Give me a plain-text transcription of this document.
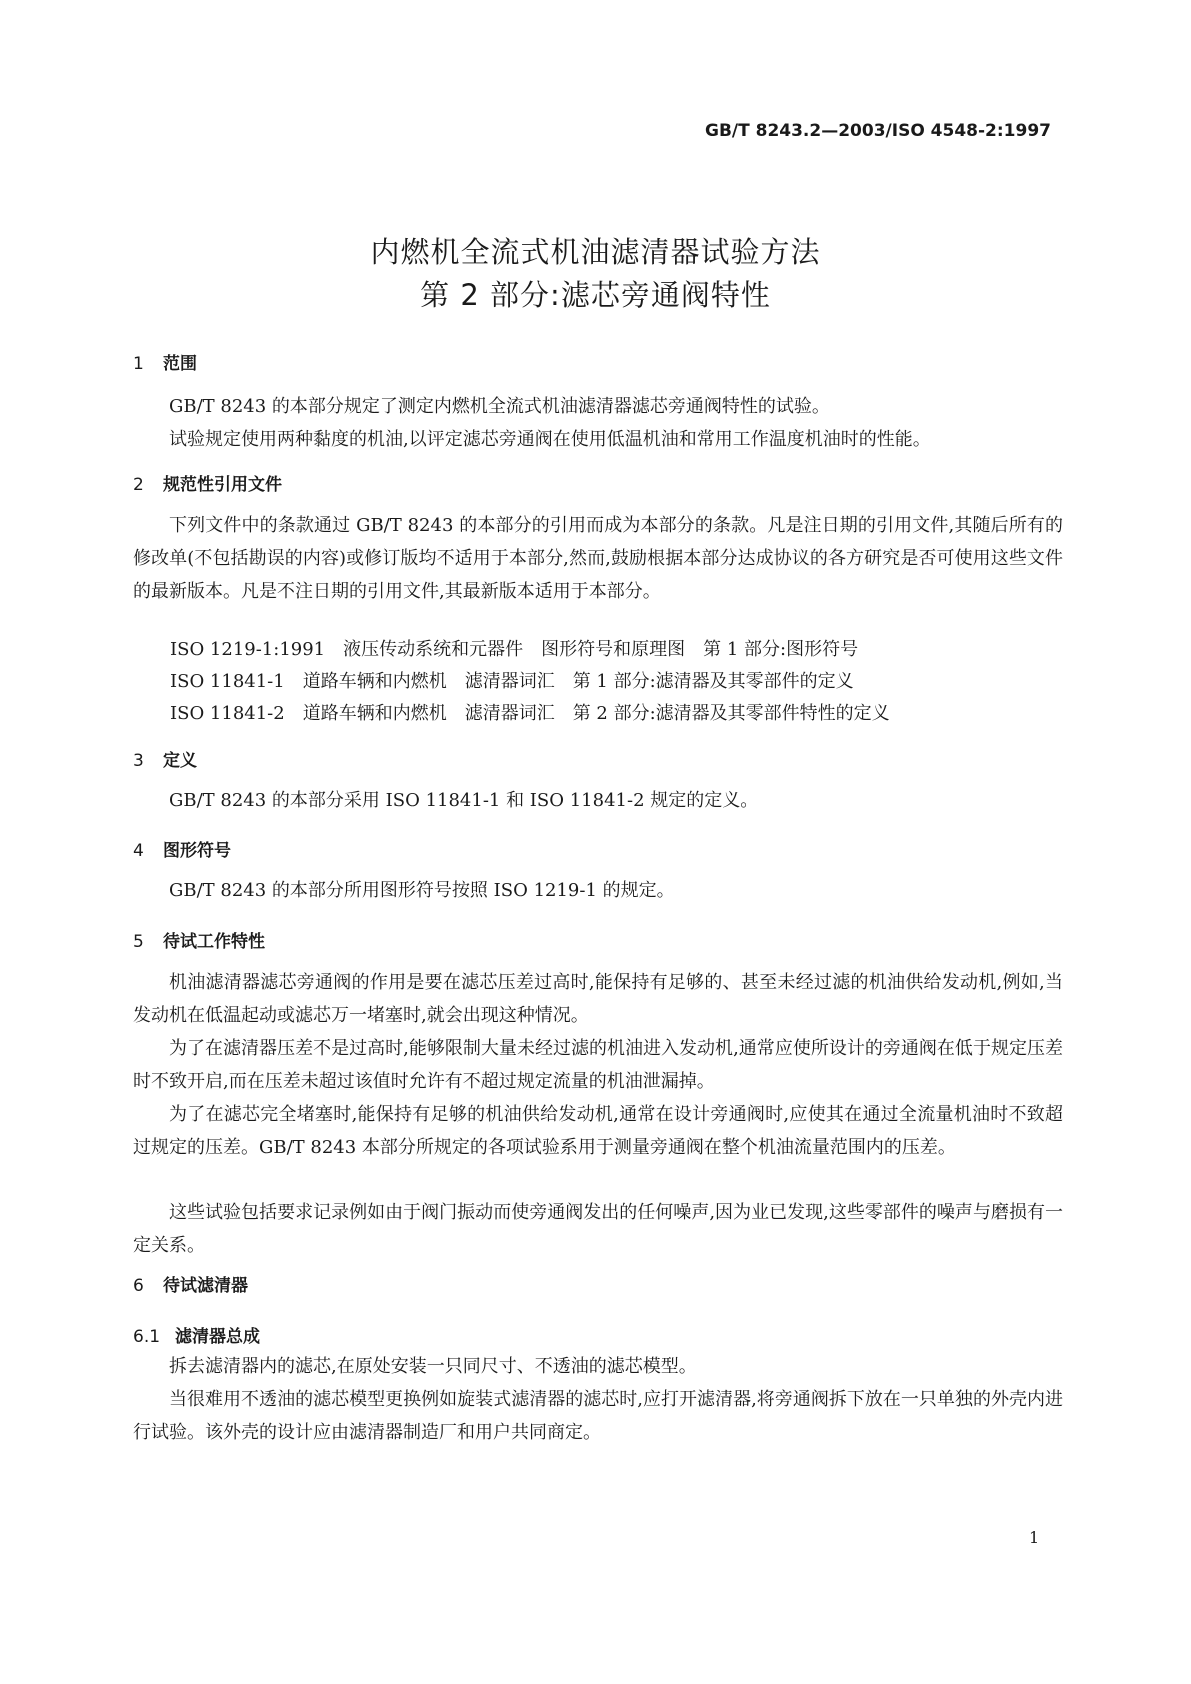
GB/T 8243.2—2003/ISO 4548-2:1997
内燃机全流式机油滤清器试验方法
第 2 部分:滤芯旁通阀特性
1 范围
GB/T 8243 的本部分规定了测定内燃机全流式机油滤清器滤芯旁通阀特性的试验。
试验规定使用两种黏度的机油,以评定滤芯旁通阀在使用低温机油和常用工作温度机油时的性能。
2 规范性引用文件
下列文件中的条款通过 GB/T 8243 的本部分的引用而成为本部分的条款。凡是注日期的引用文件,其随后所有的修改单(不包括勘误的内容)或修订版均不适用于本部分,然而,鼓励根据本部分达成协议的各方研究是否可使用这些文件的最新版本。凡是不注日期的引用文件,其最新版本适用于本部分。
ISO 1219-1:1991　液压传动系统和元器件　图形符号和原理图　第 1 部分:图形符号
ISO 11841-1　道路车辆和内燃机　滤清器词汇　第 1 部分:滤清器及其零部件的定义
ISO 11841-2　道路车辆和内燃机　滤清器词汇　第 2 部分:滤清器及其零部件特性的定义
3 定义
GB/T 8243 的本部分采用 ISO 11841-1 和 ISO 11841-2 规定的定义。
4 图形符号
GB/T 8243 的本部分所用图形符号按照 ISO 1219-1 的规定。
5 待试工作特性
机油滤清器滤芯旁通阀的作用是要在滤芯压差过高时,能保持有足够的、甚至未经过滤的机油供给发动机,例如,当发动机在低温起动或滤芯万一堵塞时,就会出现这种情况。
为了在滤清器压差不是过高时,能够限制大量未经过滤的机油进入发动机,通常应使所设计的旁通阀在低于规定压差时不致开启,而在压差未超过该值时允许有不超过规定流量的机油泄漏掉。
为了在滤芯完全堵塞时,能保持有足够的机油供给发动机,通常在设计旁通阀时,应使其在通过全流量机油时不致超过规定的压差。GB/T 8243 本部分所规定的各项试验系用于测量旁通阀在整个机油流量范围内的压差。
这些试验包括要求记录例如由于阀门振动而使旁通阀发出的任何噪声,因为业已发现,这些零部件的噪声与磨损有一定关系。
6 待试滤清器
6.1 滤清器总成
拆去滤清器内的滤芯,在原处安装一只同尺寸、不透油的滤芯模型。
当很难用不透油的滤芯模型更换例如旋装式滤清器的滤芯时,应打开滤清器,将旁通阀拆下放在一只单独的外壳内进行试验。该外壳的设计应由滤清器制造厂和用户共同商定。
1
